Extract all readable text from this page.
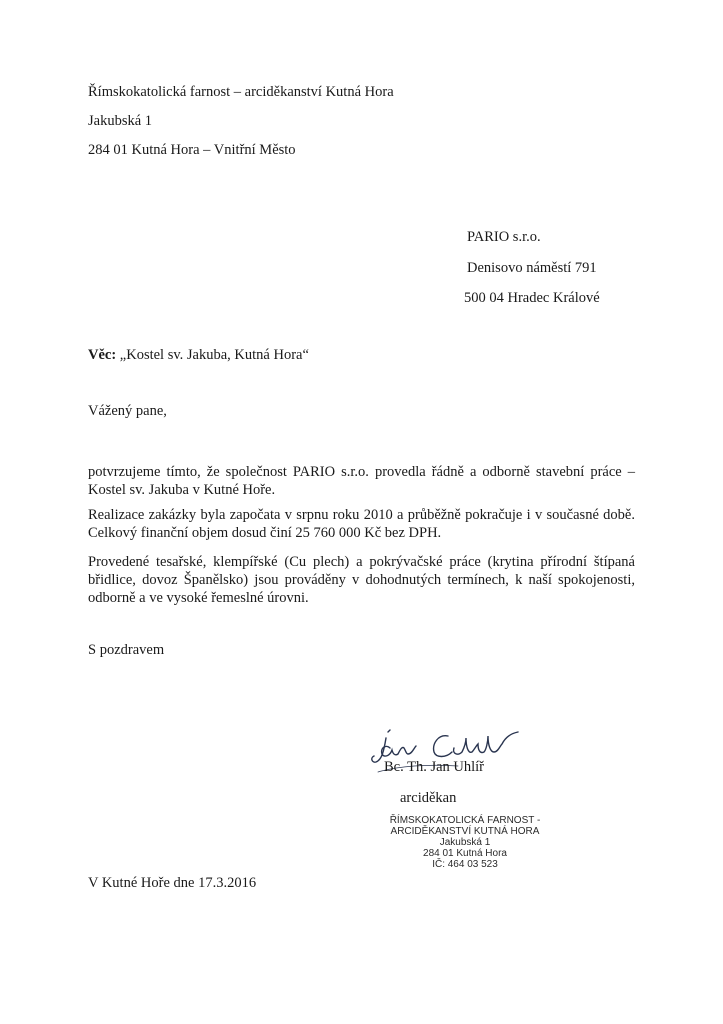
Římskokatolická farnost – arciděkanství Kutná Hora
Jakubská 1
284 01 Kutná Hora – Vnitřní Město
PARIO s.r.o.
Denisovo náměstí 791
500 04 Hradec Králové
Věc: „Kostel sv. Jakuba, Kutná Hora“
Vážený pane,
potvrzujeme tímto, že společnost PARIO s.r.o. provedla řádně a odborně stavební práce – Kostel sv. Jakuba v Kutné Hoře.
Realizace zakázky byla započata v srpnu roku 2010 a průběžně pokračuje i v současné době. Celkový finanční objem dosud činí 25 760 000 Kč bez DPH.
Provedené tesařské, klempířské (Cu plech) a pokrývačské práce (krytina přírodní štípaná břidlice, dovoz Španělsko) jsou prováděny v dohodnutých termínech, k naší spokojenosti, odborně a ve vysoké řemeslné úrovni.
S pozdravem
Bc. Th. Jan Uhlíř
arciděkan
ŘÍMSKOKATOLICKÁ FARNOST -
ARCIDĚKANSTVÍ KUTNÁ HORA
Jakubská 1
284 01 Kutná Hora
IČ: 464 03 523
V Kutné Hoře dne 17.3.2016
